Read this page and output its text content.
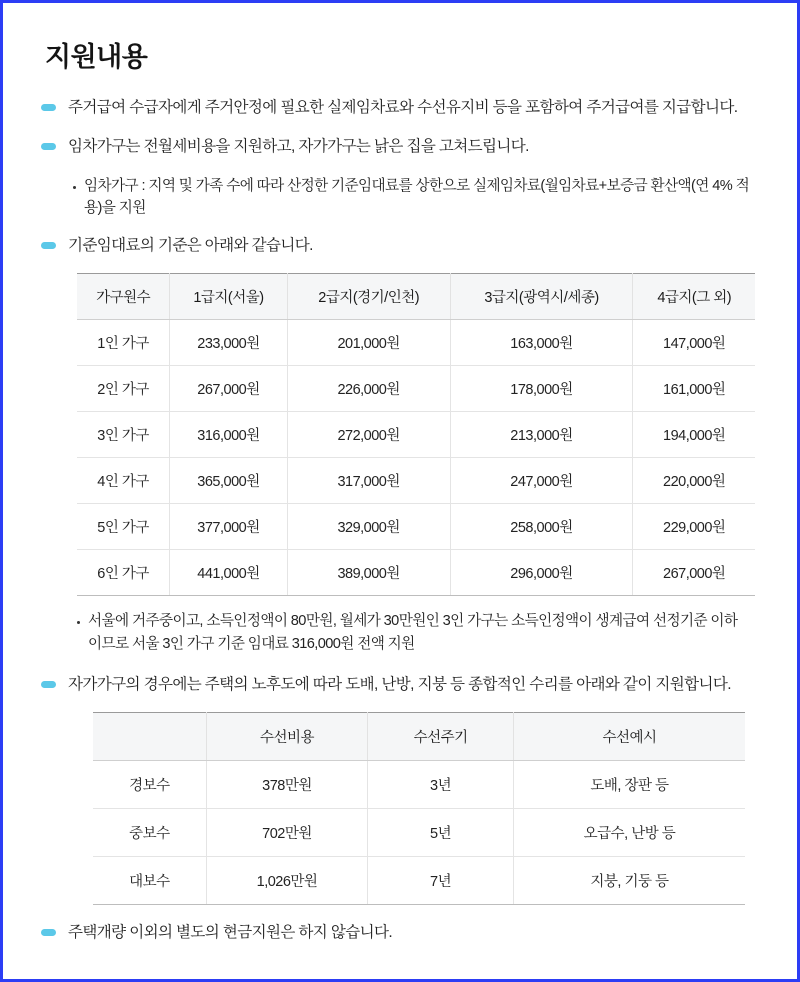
지원내용
주거급여 수급자에게 주거안정에 필요한 실제임차료와 수선유지비 등을 포함하여 주거급여를 지급합니다.
임차가구는 전월세비용을 지원하고, 자가가구는 낡은 집을 고쳐드립니다.
임차가구 : 지역 및 가족 수에 따라 산정한 기준임대료를 상한으로 실제임차료(월임차료+보증금 환산액(연 4% 적용)을 지원
기준임대료의 기준은 아래와 같습니다.
가구원수	1급지(서울)	2급지(경기/인천)	3급지(광역시/세종)	4급지(그 외)
1인 가구	233,000원	201,000원	163,000원	147,000원
2인 가구	267,000원	226,000원	178,000원	161,000원
3인 가구	316,000원	272,000원	213,000원	194,000원
4인 가구	365,000원	317,000원	247,000원	220,000원
5인 가구	377,000원	329,000원	258,000원	229,000원
6인 가구	441,000원	389,000원	296,000원	267,000원
서울에 거주중이고, 소득인정액이 80만원, 월세가 30만원인 3인 가구는 소득인정액이 생계급여 선정기준 이하이므로 서울 3인 가구 기준 임대료 316,000원 전액 지원
자가가구의 경우에는 주택의 노후도에 따라 도배, 난방, 지붕 등 종합적인 수리를 아래와 같이 지원합니다.
	수선비용	수선주기	수선예시
경보수	378만원	3년	도배, 장판 등
중보수	702만원	5년	오급수, 난방 등
대보수	1,026만원	7년	지붕, 기둥 등
주택개량 이외의 별도의 현금지원은 하지 않습니다.
